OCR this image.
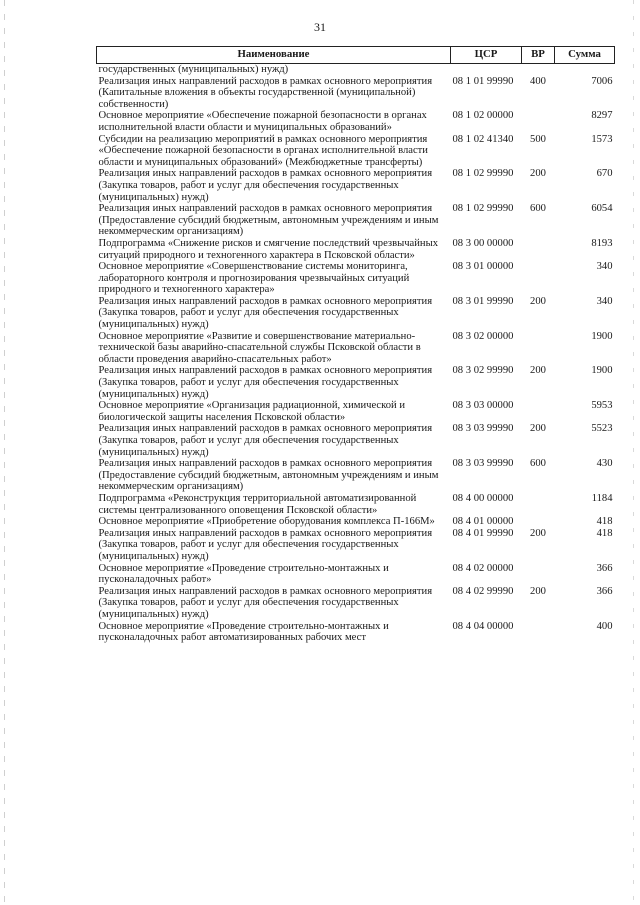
31
Наименование	ЦСР	ВР	Сумма
государственных (муниципальных) нужд)			
Реализация иных направлений расходов в рамках основного мероприятия (Капитальные вложения в объекты государственной (муниципальной) собственности)	08 1 01 99990	400	7006
Основное мероприятие «Обеспечение пожарной безопасности в органах исполнительной власти области и муниципальных образований»	08 1 02 00000		8297
Субсидии на реализацию мероприятий в рамках основного мероприятия «Обеспечение пожарной безопасности в органах исполнительной власти области и муниципальных образований» (Межбюджетные трансферты)	08 1 02 41340	500	1573
Реализация иных направлений расходов в рамках основного мероприятия (Закупка товаров, работ и услуг для обеспечения государственных (муниципальных) нужд)	08 1 02 99990	200	670
Реализация иных направлений расходов в рамках основного мероприятия (Предоставление субсидий бюджетным, автономным учреждениям и иным некоммерческим организациям)	08 1 02 99990	600	6054
Подпрограмма «Снижение рисков и смягчение последствий чрезвычайных ситуаций природного и техногенного характера в Псковской области»	08 3 00 00000		8193
Основное мероприятие «Совершенствование системы мониторинга, лабораторного контроля и прогнозирования чрезвычайных ситуаций природного и техногенного характера»	08 3 01 00000		340
Реализация иных направлений расходов в рамках основного мероприятия (Закупка товаров, работ и услуг для обеспечения государственных (муниципальных) нужд)	08 3 01 99990	200	340
Основное мероприятие «Развитие и совершенствование материально-технической базы аварийно-спасательной службы Псковской области в области проведения аварийно-спасательных работ»	08 3 02 00000		1900
Реализация иных направлений расходов в рамках основного мероприятия (Закупка товаров, работ и услуг для обеспечения государственных (муниципальных) нужд)	08 3 02 99990	200	1900
Основное мероприятие «Организация радиационной, химической и биологической защиты населения Псковской области»	08 3 03 00000		5953
Реализация иных направлений расходов в рамках основного мероприятия (Закупка товаров, работ и услуг для обеспечения государственных (муниципальных) нужд)	08 3 03 99990	200	5523
Реализация иных направлений расходов в рамках основного мероприятия (Предоставление субсидий бюджетным, автономным учреждениям и иным некоммерческим организациям)	08 3 03 99990	600	430
Подпрограмма «Реконструкция территориальной автоматизированной системы централизованного оповещения Псковской области»	08 4 00 00000		1184
Основное мероприятие «Приобретение оборудования комплекса П-166М»	08 4 01 00000		418
Реализация иных направлений расходов в рамках основного мероприятия (Закупка товаров, работ и услуг для обеспечения государственных (муниципальных) нужд)	08 4 01 99990	200	418
Основное мероприятие «Проведение строительно-монтажных и пусконаладочных работ»	08 4 02 00000		366
Реализация иных направлений расходов в рамках основного мероприятия (Закупка товаров, работ и услуг для обеспечения государственных (муниципальных) нужд)	08 4 02 99990	200	366
Основное мероприятие «Проведение строительно-монтажных и пусконаладочных работ автоматизированных рабочих мест	08 4 04 00000		400
